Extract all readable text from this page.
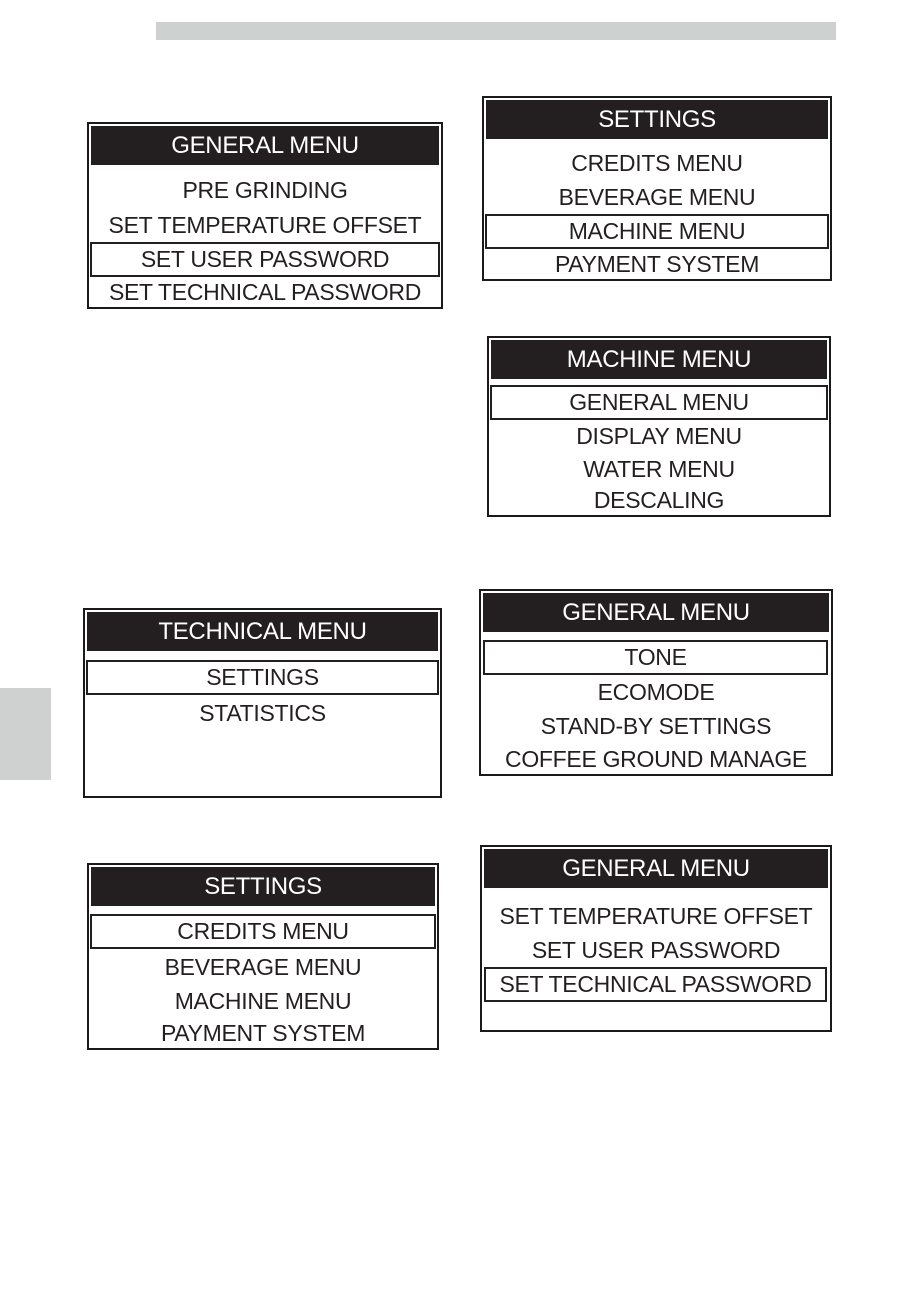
GENERAL MENU
PRE GRINDING
SET TEMPERATURE OFFSET
SET USER PASSWORD
SET TECHNICAL PASSWORD
SETTINGS
CREDITS MENU
BEVERAGE MENU
MACHINE MENU
PAYMENT SYSTEM
MACHINE MENU
GENERAL MENU
DISPLAY MENU
WATER MENU
DESCALING
TECHNICAL MENU
SETTINGS
STATISTICS
GENERAL MENU
TONE
ECOMODE
STAND-BY SETTINGS
COFFEE GROUND MANAGE
SETTINGS
CREDITS MENU
BEVERAGE MENU
MACHINE MENU
PAYMENT SYSTEM
GENERAL MENU
SET TEMPERATURE OFFSET
SET USER PASSWORD
SET TECHNICAL PASSWORD
